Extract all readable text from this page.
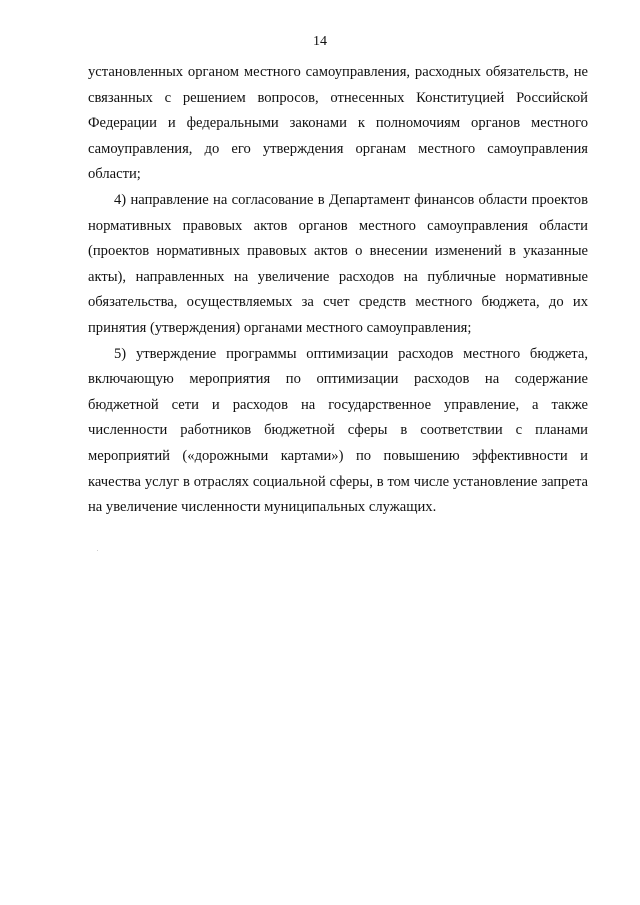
14

установленных органом местного самоуправления, расходных обязательств, не связанных с решением вопросов, отнесенных Конституцией Российской Федерации и федеральными законами к полномочиям органов местного самоуправления, до его утверждения органам местного самоуправления области;

4) направление на согласование в Департамент финансов области проектов нормативных правовых актов органов местного самоуправления области (проектов нормативных правовых актов о внесении изменений в указанные акты), направленных на увеличение расходов на публичные нормативные обязательства, осуществляемых за счет средств местного бюджета, до их принятия (утверждения) органами местного самоуправления;

5) утверждение программы оптимизации расходов местного бюджета, включающую мероприятия по оптимизации расходов на содержание бюджетной сети и расходов на государственное управление, а также численности работников бюджетной сферы в соответствии с планами мероприятий («дорожными картами») по повышению эффективности и качества услуг в отраслях социальной сферы, в том числе установление запрета на увеличение численности муниципальных служащих.
